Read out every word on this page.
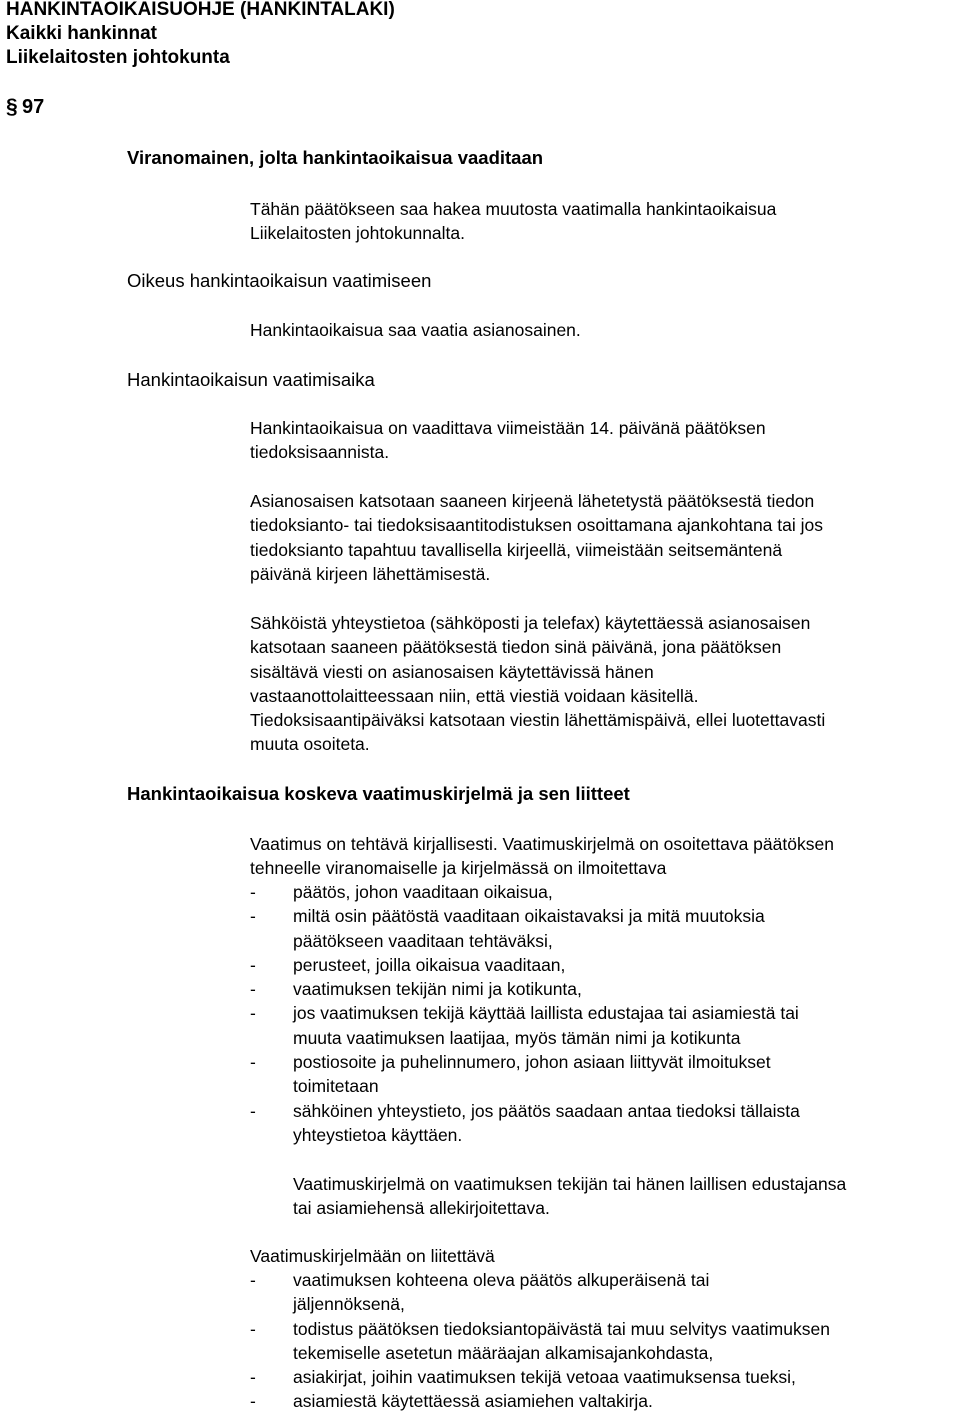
HANKINTAOIKAISUOHJE (HANKINTALAKI)
Kaikki hankinnat
Liikelaitosten johtokunta
§ 97
Viranomainen, jolta hankintaoikaisua vaaditaan
Tähän päätökseen saa hakea muutosta vaatimalla hankintaoikaisua
Liikelaitosten johtokunnalta.
Oikeus hankintaoikaisun vaatimiseen
Hankintaoikaisua saa vaatia asianosainen.
Hankintaoikaisun vaatimisaika
Hankintaoikaisua on vaadittava viimeistään 14. päivänä päätöksen
tiedoksisaannista.
Asianosaisen katsotaan saaneen kirjeenä lähetetystä päätöksestä tiedon
tiedoksianto- tai tiedoksisaantitodistuksen osoittamana ajankohtana tai jos
tiedoksianto tapahtuu tavallisella kirjeellä, viimeistään seitsemäntenä
päivänä kirjeen lähettämisestä.
Sähköistä yhteystietoa (sähköposti ja telefax) käytettäessä asianosaisen
katsotaan saaneen päätöksestä tiedon sinä päivänä, jona päätöksen
sisältävä viesti on asianosaisen käytettävissä hänen
vastaanottolaitteessaan niin, että viestiä voidaan käsitellä.
Tiedoksisaantipäiväksi katsotaan viestin lähettämispäivä, ellei luotettavasti
muuta osoiteta.
Hankintaoikaisua koskeva vaatimuskirjelmä ja sen liitteet
Vaatimus on tehtävä kirjallisesti. Vaatimuskirjelmä on osoitettava päätöksen
tehneelle viranomaiselle ja kirjelmässä on ilmoitettava
- päätös, johon vaaditaan oikaisua,
- miltä osin päätöstä vaaditaan oikaistavaksi ja mitä muutoksia
päätökseen vaaditaan tehtäväksi,
- perusteet, joilla oikaisua vaaditaan,
- vaatimuksen tekijän nimi ja kotikunta,
- jos vaatimuksen tekijä käyttää laillista edustajaa tai asiamiestä tai
muuta vaatimuksen laatijaa, myös tämän nimi ja kotikunta
- postiosoite ja puhelinnumero, johon asiaan liittyvät ilmoitukset
toimitetaan
- sähköinen yhteystieto, jos päätös saadaan antaa tiedoksi tällaista
yhteystietoa käyttäen.
Vaatimuskirjelmä on vaatimuksen tekijän tai hänen laillisen edustajansa
tai asiamiehensä allekirjoitettava.
Vaatimuskirjelmään on liitettävä
- vaatimuksen kohteena oleva päätös alkuperäisenä tai
jäljennöksenä,
- todistus päätöksen tiedoksiantopäivästä tai muu selvitys vaatimuksen
tekemiselle asetetun määräajan alkamisajankohdasta,
- asiakirjat, joihin vaatimuksen tekijä vetoaa vaatimuksensa tueksi,
- asiamiestä käytettäessä asiamiehen valtakirja.
